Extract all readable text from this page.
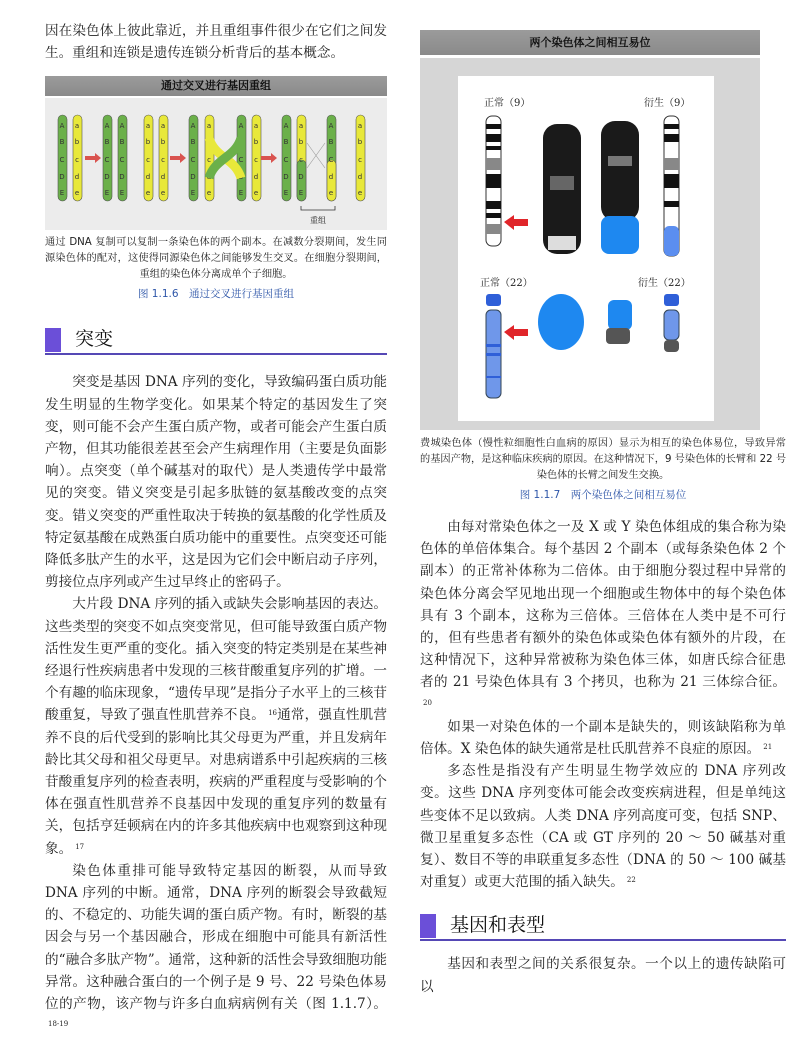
因在染色体上彼此靠近，并且重组事件很少在它们之间发生。重组和连锁是遗传连锁分析背后的基本概念。

通过交叉进行基因重组
A
B
C
D
E
a
b
c
d
e
A
B
C
D
E
A
B
C
D
E
a
b
c
d
e
a
b
c
d
e
A
B
C
D
E
a
b
c
d
e
A
B
C
D
E
a
b
c
d
e
A
B
C
D
E
a
b
c
D
E
A
B
C
d
e
a
b
c
d
e
重组
通过 DNA 复制可以复制一条染色体的两个副本。在减数分裂期间，发生同源染色体的配对，这使得同源染色体之间能够发生交叉。在细胞分裂期间，重组的染色体分离成单个子细胞。
图 1.1.6　通过交叉进行基因重组
突变

突变是基因 DNA 序列的变化，导致编码蛋白质功能发生明显的生物学变化。如果某个特定的基因发生了突变，则可能不会产生蛋白质产物，或者可能会产生蛋白质产物，但其功能很差甚至会产生病理作用（主要是负面影响）。点突变（单个碱基对的取代）是人类遗传学中最常见的突变。错义突变是引起多肽链的氨基酸改变的点突变。错义突变的严重性取决于转换的氨基酸的化学性质及特定氨基酸在成熟蛋白质功能中的重要性。点突变还可能降低多肽产生的水平，这是因为它们会中断启动子序列，剪接位点序列或产生过早终止的密码子。

大片段 DNA 序列的插入或缺失会影响基因的表达。这些类型的突变不如点突变常见，但可能导致蛋白质产物活性发生更严重的变化。插入突变的特定类别是在某些神经退行性疾病患者中发现的三核苷酸重复序列的扩增。一个有趣的临床现象，“遗传早现”是指分子水平上的三核苷酸重复，导致了强直性肌营养不良。 $^{16}$通常，强直性肌营养不良的后代受到的影响比其父母更为严重，并且发病年龄比其父母和祖父母更早。对患病谱系中引起疾病的三核苷酸重复序列的检查表明，疾病的严重程度与受影响的个体在强直性肌营养不良基因中发现的重复序列的数量有关，包括亨廷顿病在内的许多其他疾病中也观察到这种现象。 $^{17}$

染色体重排可能导致特定基因的断裂，从而导致 DNA 序列的中断。通常，DNA 序列的断裂会导致截短的、不稳定的、功能失调的蛋白质产物。有时，断裂的基因会与另一个基因融合，形成在细胞中可能具有新活性的“融合多肽产物”。通常，这种新的活性会导致细胞功能异常。这种融合蛋白的一个例子是 9 号、22 号染色体易位的产物，该产物与许多白血病病例有关（图 1.1.7）。$^{18-19}$

两个染色体之间相互易位
正常（9）	衍生（9）
正常（22）	衍生（22）
费城染色体（慢性粒细胞性白血病的原因）显示为相互的染色体易位，导致异常的基因产物，是这种临床疾病的原因。在这种情况下，9 号染色体的长臂和 22 号染色体的长臂之间发生交换。
图 1.1.7　两个染色体之间相互易位

由每对常染色体之一及 X 或 Y 染色体组成的集合称为染色体的单倍体集合。每个基因 2 个副本（或每条染色体 2 个副本）的正常补体称为二倍体。由于细胞分裂过程中异常的染色体分离会罕见地出现一个细胞或生物体中的每个染色体具有 3 个副本，这称为三倍体。三倍体在人类中是不可行的，但有些患者有额外的染色体或染色体有额外的片段，在这种情况下，这种异常被称为染色体三体，如唐氏综合征患者的 21 号染色体具有 3 个拷贝，也称为 21 三体综合征。$^{20}$

如果一对染色体的一个副本是缺失的，则该缺陷称为单倍体。X 染色体的缺失通常是杜氏肌营养不良症的原因。 $^{21}$

多态性是指没有产生明显生物学效应的 DNA 序列改变。这些 DNA 序列变体可能会改变疾病进程，但是单纯这些变体不足以致病。人类 DNA 序列高度可变，包括 SNP、微卫星重复多态性（CA 或 GT 序列的 20 ～ 50 碱基对重复）、数目不等的串联重复多态性（DNA 的 50 ～ 100 碱基对重复）或更大范围的插入缺失。 $^{22}$

基因和表型

基因和表型之间的关系很复杂。一个以上的遗传缺陷可以
